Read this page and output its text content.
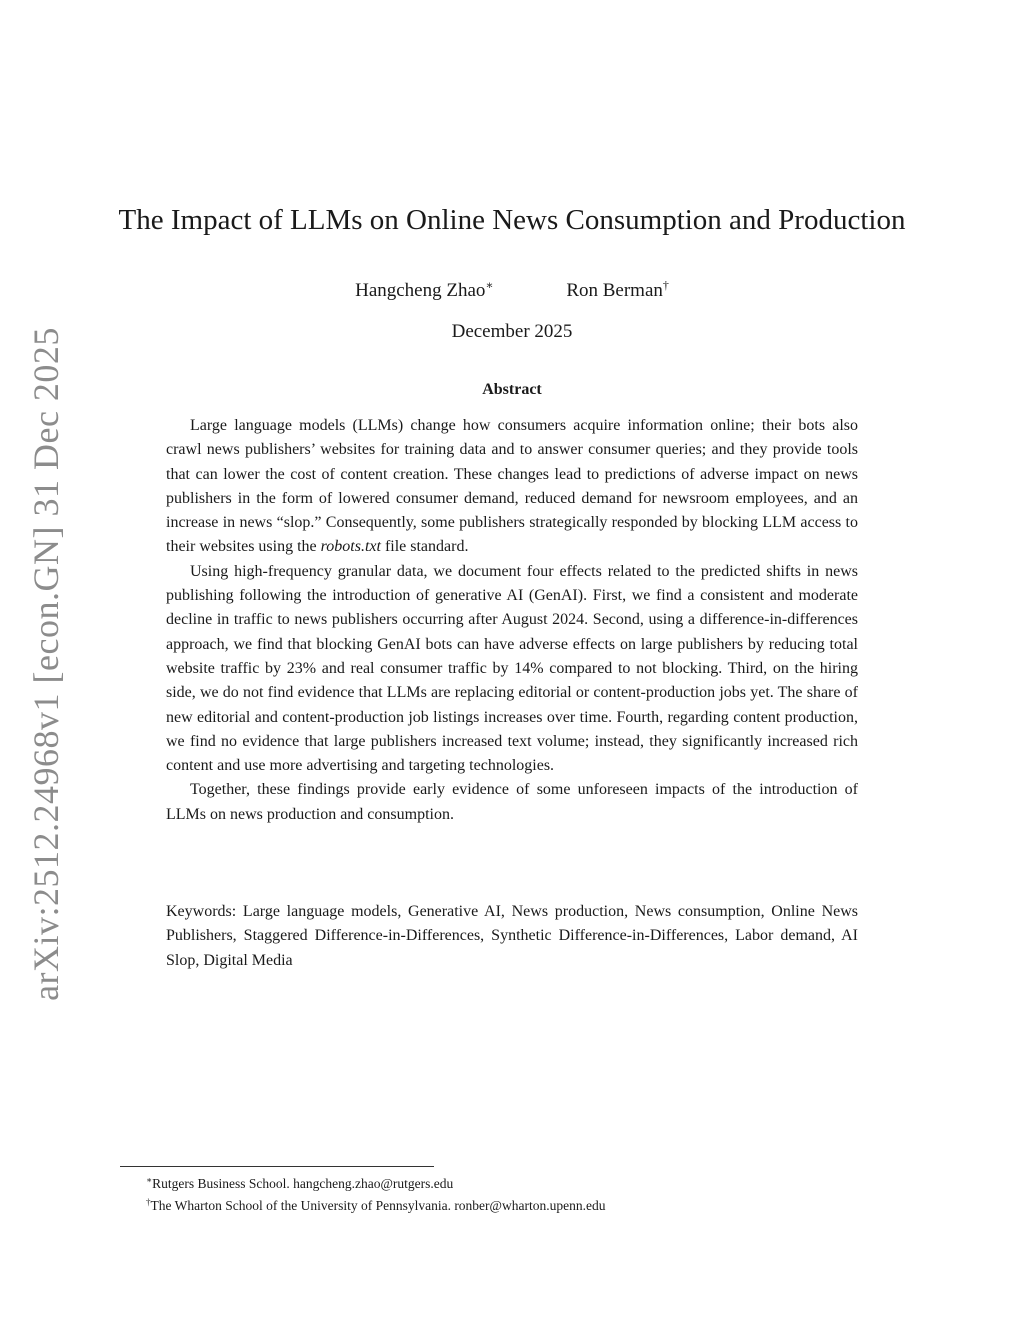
arXiv:2512.24968v1 [econ.GN] 31 Dec 2025
The Impact of LLMs on Online News Consumption and Production
Hangcheng Zhao∗	Ron Berman†
December 2025
Abstract

Large language models (LLMs) change how consumers acquire information online; their bots also crawl news publishers’ websites for training data and to answer consumer queries; and they provide tools that can lower the cost of content creation. These changes lead to predictions of adverse impact on news publishers in the form of lowered consumer demand, reduced demand for newsroom employees, and an increase in news “slop.” Consequently, some publishers strategically responded by blocking LLM access to their websites using the robots.txt file standard.

Using high-frequency granular data, we document four effects related to the predicted shifts in news publishing following the introduction of generative AI (GenAI). First, we find a consistent and moderate decline in traffic to news publishers occurring after August 2024. Second, using a difference-in-differences approach, we find that blocking GenAI bots can have adverse effects on large publishers by reducing total website traffic by 23% and real consumer traffic by 14% compared to not blocking. Third, on the hiring side, we do not find evidence that LLMs are replacing editorial or content-production jobs yet. The share of new editorial and content-production job listings increases over time. Fourth, regarding content production, we find no evidence that large publishers increased text volume; instead, they significantly increased rich content and use more advertising and targeting technologies.

Together, these findings provide early evidence of some unforeseen impacts of the introduction of LLMs on news production and consumption.

Keywords: Large language models, Generative AI, News production, News consumption, Online News Publishers, Staggered Difference-in-Differences, Synthetic Difference-in-Differences, Labor demand, AI Slop, Digital Media
∗Rutgers Business School. hangcheng.zhao@rutgers.edu
†The Wharton School of the University of Pennsylvania. ronber@wharton.upenn.edu
